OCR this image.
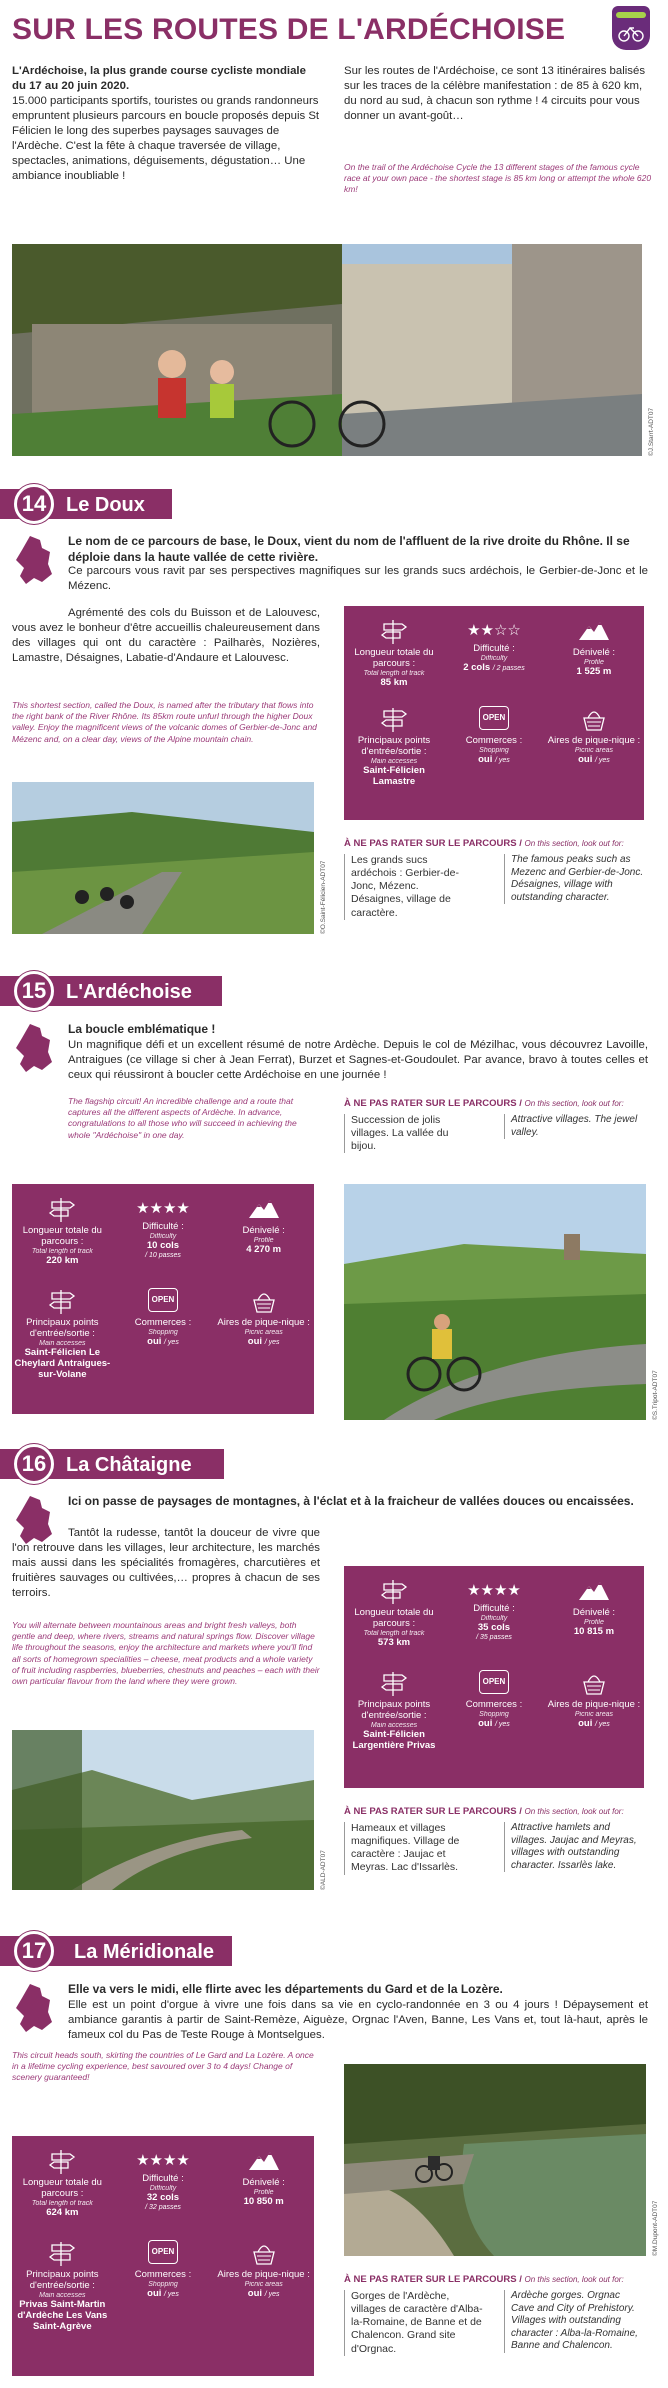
SUR LES ROUTES DE L'ARDÉCHOISE
L'Ardéchoise, la plus grande course cycliste mondiale du 17 au 20 juin 2020.
15.000 participants sportifs, touristes ou grands randonneurs empruntent plusieurs parcours en boucle proposés depuis St Félicien le long des superbes paysages sauvages de l'Ardèche. C'est la fête à chaque traversée de village, spectacles, animations, déguisements, dégustation… Une ambiance inoubliable !
Sur les routes de l'Ardéchoise, ce sont 13 itinéraires balisés sur les traces de la célèbre manifestation : de 85 à 620 km, du nord au sud, à chacun son rythme ! 4 circuits pour vous donner un avant-goût…
On the trail of the Ardéchoise Cycle the 13 different stages of the famous cycle race at your own pace - the shortest stage is 85 km long or attempt the whole 620 km!
©J.Starrt-ADT07
14 Le Doux
Le nom de ce parcours de base, le Doux, vient du nom de l'affluent de la rive droite du Rhône. Il se déploie dans la haute vallée de cette rivière.
Ce parcours vous ravit par ses perspectives magnifiques sur les grands sucs ardéchois, le Gerbier-de-Jonc et le Mézenc.
Agrémenté des cols du Buisson et de Lalouvesc, vous avez le bonheur d'être accueillis chaleureusement dans des villages qui ont du caractère : Pailharès, Nozières, Lamastre, Désaignes, Labatie-d'Andaure et Lalouvesc.
This shortest section, called the Doux, is named after the tributary that flows into the right bank of the River Rhône. Its 85km route unfurl through the higher Doux valley. Enjoy the magnificent views of the volcanic domes of Gerbier-de-Jonc and Mézenc and, on a clear day, views of the Alpine mountain chain.
©O.Saint-Félicien-ADT07
Longueur totale du parcours :
Total length of track
85 km
★★☆☆
Difficulté :
Difficulty
2 cols / 2 passes
Dénivelé :
Profile
1 525 m
Principaux points d'entrée/sortie :
Main accesses
Saint-Félicien Lamastre
OPEN
Commerces :
Shopping
oui / yes
Aires de pique-nique :
Picnic areas
oui / yes
À NE PAS RATER SUR LE PARCOURS / On this section, look out for:
Les grands sucs ardéchois : Gerbier-de-Jonc, Mézenc. Désaignes, village de caractère.
The famous peaks such as Mezenc and Gerbier-de-Jonc. Désaignes, village with outstanding character.
15 L'Ardéchoise
La boucle emblématique !
Un magnifique défi et un excellent résumé de notre Ardèche. Depuis le col de Mézilhac, vous découvrez Lavoille, Antraigues (ce village si cher à Jean Ferrat), Burzet et Sagnes-et-Goudoulet. Par avance, bravo à toutes celles et ceux qui réussiront à boucler cette Ardéchoise en une journée !
The flagship circuit! An incredible challenge and a route that captures all the different aspects of Ardèche. In advance, congratulations to all those who will succeed in achieving the whole "Ardéchoise" in one day.
À NE PAS RATER SUR LE PARCOURS / On this section, look out for:
Succession de jolis villages. La vallée du bijou.
Attractive villages. The jewel valley.
Longueur totale du parcours :
Total length of track
220 km
★★★★
Difficulté :
Difficulty
10 cols
/ 10 passes
Dénivelé :
Profile
4 270 m
Principaux points d'entrée/sortie :
Main accesses
Saint-Félicien Le Cheylard Antraigues-sur-Volane
OPEN
Commerces :
Shopping
oui / yes
Aires de pique-nique :
Picnic areas
oui / yes
©S.Tripot-ADT07
16 La Châtaigne
Ici on passe de paysages de montagnes, à l'éclat et à la fraicheur de vallées douces ou encaissées.
Tantôt la rudesse, tantôt la douceur de vivre que l'on retrouve dans les villages, leur architecture, les marchés mais aussi dans les spécialités fromagères, charcutières et fruitières sauvages ou cultivées,… propres à chacun de ses terroirs.
You will alternate between mountainous areas and bright fresh valleys, both gentle and deep, where rivers, streams and natural springs flow. Discover village life throughout the seasons, enjoy the architecture and markets where you'll find all sorts of homegrown specialities – cheese, meat products and a whole variety of fruit including raspberries, blueberries, chestnuts and peaches – each with their own particular flavour from the land where they were grown.
Longueur totale du parcours :
Total length of track
573 km
★★★★
Difficulté :
Difficulty
35 cols
/ 35 passes
Dénivelé :
Profile
10 815 m
Principaux points d'entrée/sortie :
Main accesses
Saint-Félicien Largentière Privas
OPEN
Commerces :
Shopping
oui / yes
Aires de pique-nique :
Picnic areas
oui / yes
©ALD-ADT07
À NE PAS RATER SUR LE PARCOURS / On this section, look out for:
Hameaux et villages magnifiques. Village de caractère : Jaujac et Meyras. Lac d'Issarlès.
Attractive hamlets and villages. Jaujac and Meyras, villages with outstanding character. Issarlès lake.
17	La Méridionale
Elle va vers le midi, elle flirte avec les départements du Gard et de la Lozère.
Elle est un point d'orgue à vivre une fois dans sa vie en cyclo-randonnée en 3 ou 4 jours ! Dépaysement et ambiance garantis à partir de Saint-Remèze, Aiguèze, Orgnac l'Aven, Banne, Les Vans et, tout là-haut, après le fameux col du Pas de Teste Rouge à Montselgues.
This circuit heads south, skirting the countries of Le Gard and La Lozère. A once in a lifetime cycling experience, best savoured over 3 to 4 days! Change of scenery guaranteed!
Longueur totale du parcours :
Total length of track
624 km
★★★★
Difficulté :
Difficulty
32 cols
/ 32 passes
Dénivelé :
Profile
10 850 m
Principaux points d'entrée/sortie :
Main accesses
Privas Saint-Martin d'Ardèche Les Vans Saint-Agrève
OPEN
Commerces :
Shopping
oui / yes
Aires de pique-nique :
Picnic areas
oui / yes
©M.Dupont-ADT07
À NE PAS RATER SUR LE PARCOURS / On this section, look out for:
Gorges de l'Ardèche, villages de caractère d'Alba-la-Romaine, de Banne et de Chalencon. Grand site d'Orgnac.
Ardèche gorges. Orgnac Cave and City of Prehistory. Villages with outstanding character : Alba-la-Romaine, Banne and Chalencon.
